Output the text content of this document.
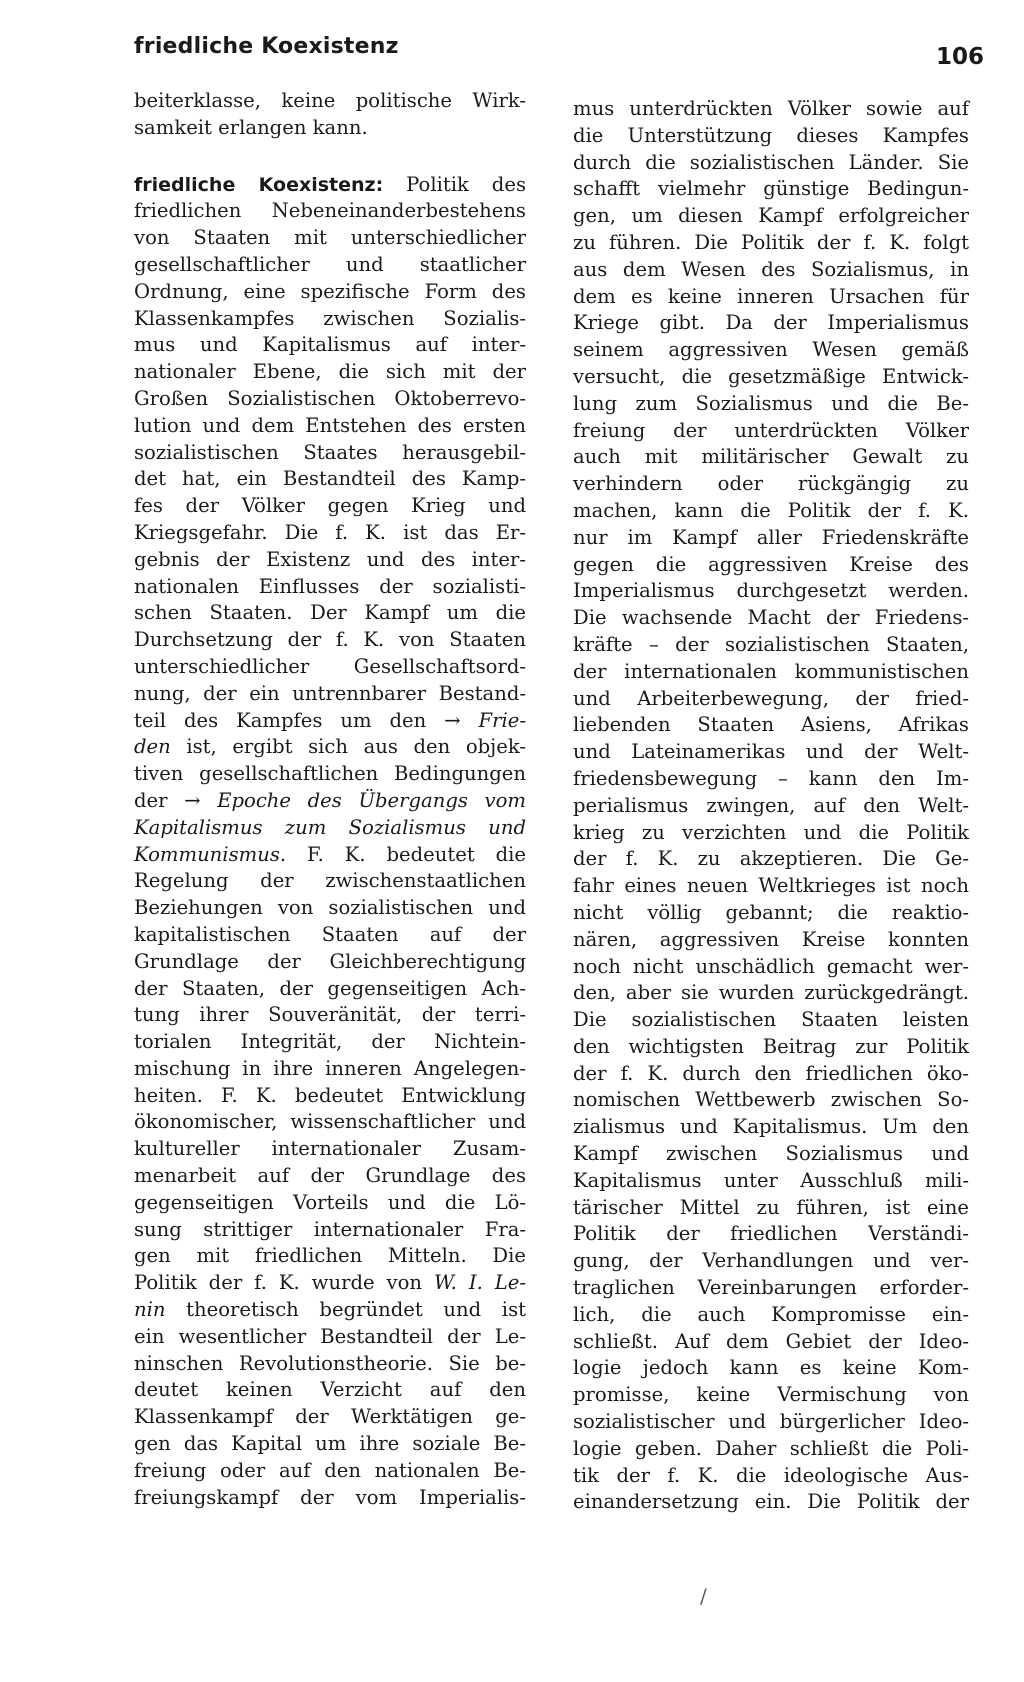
friedliche Koexistenz	106
beiterklasse, keine politische Wirk-
samkeit erlangen kann.
friedliche Koexistenz: Politik des
friedlichen Nebeneinanderbestehens
von Staaten mit unterschiedlicher
gesellschaftlicher und staatlicher
Ordnung, eine spezifische Form des
Klassenkampfes zwischen Sozialis-
mus und Kapitalismus auf inter-
nationaler Ebene, die sich mit der
Großen Sozialistischen Oktoberrevo-
lution und dem Entstehen des ersten
sozialistischen Staates herausgebil-
det hat, ein Bestandteil des Kamp-
fes der Völker gegen Krieg und
Kriegsgefahr. Die f. K. ist das Er-
gebnis der Existenz und des inter-
nationalen Einflusses der sozialisti-
schen Staaten. Der Kampf um die
Durchsetzung der f. K. von Staaten
unterschiedlicher Gesellschaftsord-
nung, der ein untrennbarer Bestand-
teil des Kampfes um den → Frie-
den ist, ergibt sich aus den objek-
tiven gesellschaftlichen Bedingungen
der → Epoche des Übergangs vom
Kapitalismus zum Sozialismus und
Kommunismus. F. K. bedeutet die
Regelung der zwischenstaatlichen
Beziehungen von sozialistischen und
kapitalistischen Staaten auf der
Grundlage der Gleichberechtigung
der Staaten, der gegenseitigen Ach-
tung ihrer Souveränität, der terri-
torialen Integrität, der Nichtein-
mischung in ihre inneren Angelegen-
heiten. F. K. bedeutet Entwicklung
ökonomischer, wissenschaftlicher und
kultureller internationaler Zusam-
menarbeit auf der Grundlage des
gegenseitigen Vorteils und die Lö-
sung strittiger internationaler Fra-
gen mit friedlichen Mitteln. Die
Politik der f. K. wurde von W. I. Le-
nin theoretisch begründet und ist
ein wesentlicher Bestandteil der Le-
ninschen Revolutionstheorie. Sie be-
deutet keinen Verzicht auf den
Klassenkampf der Werktätigen ge-
gen das Kapital um ihre soziale Be-
freiung oder auf den nationalen Be-
freiungskampf der vom Imperialis-
mus unterdrückten Völker sowie auf
die Unterstützung dieses Kampfes
durch die sozialistischen Länder. Sie
schafft vielmehr günstige Bedingun-
gen, um diesen Kampf erfolgreicher
zu führen. Die Politik der f. K. folgt
aus dem Wesen des Sozialismus, in
dem es keine inneren Ursachen für
Kriege gibt. Da der Imperialismus
seinem aggressiven Wesen gemäß
versucht, die gesetzmäßige Entwick-
lung zum Sozialismus und die Be-
freiung der unterdrückten Völker
auch mit militärischer Gewalt zu
verhindern oder rückgängig zu
machen, kann die Politik der f. K.
nur im Kampf aller Friedenskräfte
gegen die aggressiven Kreise des
Imperialismus durchgesetzt werden.
Die wachsende Macht der Friedens-
kräfte – der sozialistischen Staaten,
der internationalen kommunistischen
und Arbeiterbewegung, der fried-
liebenden Staaten Asiens, Afrikas
und Lateinamerikas und der Welt-
friedensbewegung – kann den Im-
perialismus zwingen, auf den Welt-
krieg zu verzichten und die Politik
der f. K. zu akzeptieren. Die Ge-
fahr eines neuen Weltkrieges ist noch
nicht völlig gebannt; die reaktio-
nären, aggressiven Kreise konnten
noch nicht unschädlich gemacht wer-
den, aber sie wurden zurückgedrängt.
Die sozialistischen Staaten leisten
den wichtigsten Beitrag zur Politik
der f. K. durch den friedlichen öko-
nomischen Wettbewerb zwischen So-
zialismus und Kapitalismus. Um den
Kampf zwischen Sozialismus und
Kapitalismus unter Ausschluß mili-
tärischer Mittel zu führen, ist eine
Politik der friedlichen Verständi-
gung, der Verhandlungen und ver-
traglichen Vereinbarungen erforder-
lich, die auch Kompromisse ein-
schließt. Auf dem Gebiet der Ideo-
logie jedoch kann es keine Kom-
promisse, keine Vermischung von
sozialistischer und bürgerlicher Ideo-
logie geben. Daher schließt die Poli-
tik der f. K. die ideologische Aus-
einandersetzung ein. Die Politik der
/
